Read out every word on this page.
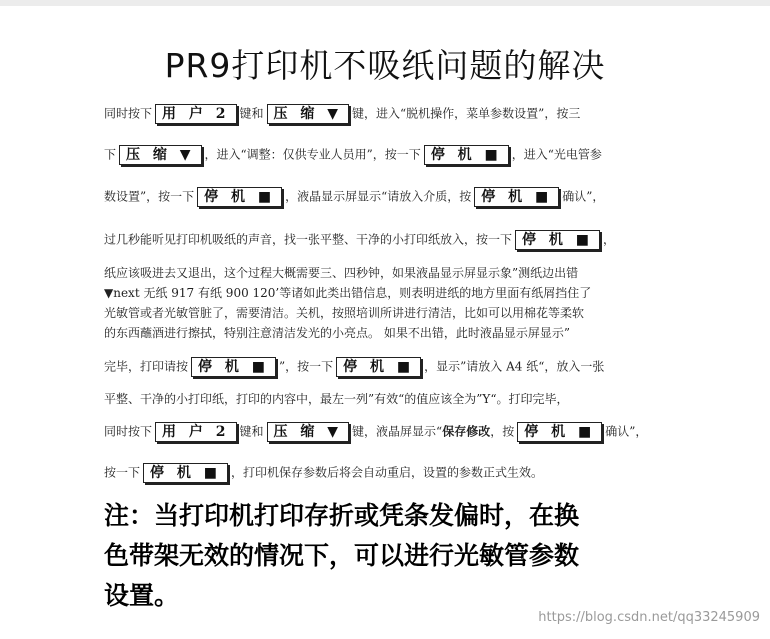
PR9打印机不吸纸问题的解决
同时按下 用 户 2 键和 压 缩 ▼ 键，进入“脱机操作，菜单参数设置”，按三
下 压 缩 ▼ ，进入“调整：仅供专业人员用”，按一下 停 机 ■ ，进入“光电管参
数设置”，按一下 停 机 ■ ，液晶显示屏显示“请放入介质，按 停 机 ■ 确认”，
过几秒能听见打印机吸纸的声音，找一张平整、干净的小打印纸放入，按一下 停 机 ■ ，
纸应该吸进去又退出，这个过程大概需要三、四秒钟，如果液晶显示屏显示象”测纸边出错
▼next 无纸 917 有纸 900 120’等诸如此类出错信息，则表明进纸的地方里面有纸屑挡住了
光敏管或者光敏管脏了，需要清洁。关机，按照培训所讲进行清洁，比如可以用棉花等柔软
的东西蘸酒进行擦拭，特别注意清洁发光的小亮点。 如果不出错，此时液晶显示屏显示”
完毕，打印请按 停 机 ■ ”，按一下 停 机 ■ ，显示”请放入 A4 纸“，放入一张
平整、干净的小打印纸，打印的内容中，最左一列”有效“的值应该全为”Y“。打印完毕，
同时按下 用 户 2 键和 压 缩 ▼ 键，液晶屏显示“保存修改，按 停 机 ■ 确认”，
按一下 停 机 ■ ，打印机保存参数后将会自动重启，设置的参数正式生效。
注：当打印机打印存折或凭条发偏时，在换
色带架无效的情况下，可以进行光敏管参数
设置。
https://blog.csdn.net/qq33245909
